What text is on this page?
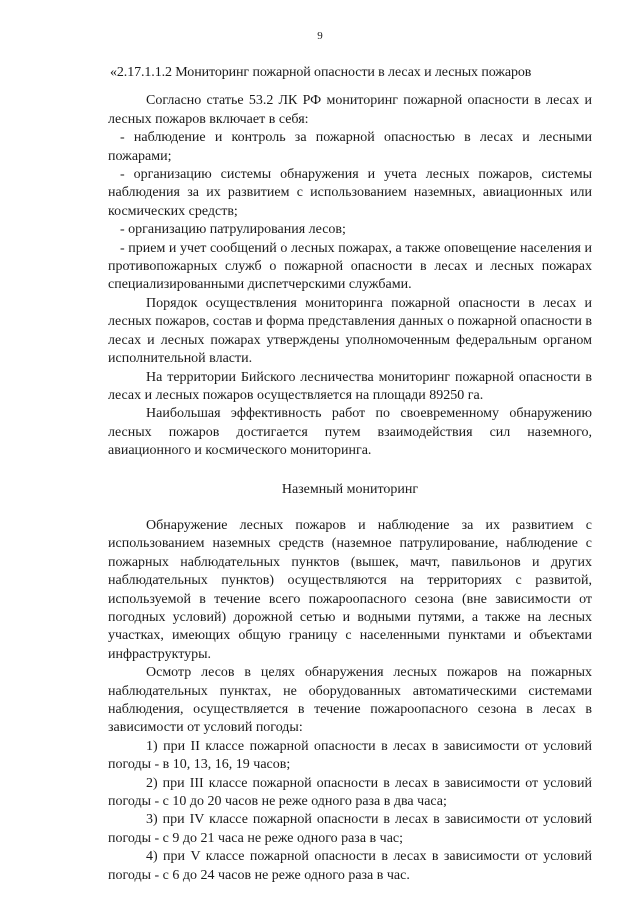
9
«2.17.1.1.2 Мониторинг пожарной опасности в лесах и лесных пожаров

Согласно статье 53.2 ЛК РФ мониторинг пожарной опасности в лесах и лесных пожаров включает в себя:

- наблюдение и контроль за пожарной опасностью в лесах и лесными пожарами;

- организацию системы обнаружения и учета лесных пожаров, системы наблюдения за их развитием с использованием наземных, авиационных или космических средств;

- организацию патрулирования лесов;

- прием и учет сообщений о лесных пожарах, а также оповещение населения и противопожарных служб о пожарной опасности в лесах и лесных пожарах специализированными диспетчерскими службами.

Порядок осуществления мониторинга пожарной опасности в лесах и лесных пожаров, состав и форма представления данных о пожарной опасности в лесах и лесных пожарах утверждены уполномоченным федеральным органом исполнительной власти.

На территории Бийского лесничества мониторинг пожарной опасности в лесах и лесных пожаров осуществляется на площади 89250 га.

Наибольшая эффективность работ по своевременному обнаружению лесных пожаров достигается путем взаимодействия сил наземного, авиационного и космического мониторинга.

Наземный мониторинг

Обнаружение лесных пожаров и наблюдение за их развитием с использованием наземных средств (наземное патрулирование, наблюдение с пожарных наблюдательных пунктов (вышек, мачт, павильонов и других наблюдательных пунктов) осуществляются на территориях с развитой, используемой в течение всего пожароопасного сезона (вне зависимости от погодных условий) дорожной сетью и водными путями, а также на лесных участках, имеющих общую границу с населенными пунктами и объектами инфраструктуры.

Осмотр лесов в целях обнаружения лесных пожаров на пожарных наблюдательных пунктах, не оборудованных автоматическими системами наблюдения, осуществляется в течение пожароопасного сезона в лесах в зависимости от условий погоды:

1) при II классе пожарной опасности в лесах в зависимости от условий погоды - в 10, 13, 16, 19 часов;

2) при III классе пожарной опасности в лесах в зависимости от условий погоды - с 10 до 20 часов не реже одного раза в два часа;

3) при IV классе пожарной опасности в лесах в зависимости от условий погоды - с 9 до 21 часа не реже одного раза в час;

4) при V классе пожарной опасности в лесах в зависимости от условий погоды - с 6 до 24 часов не реже одного раза в час.
